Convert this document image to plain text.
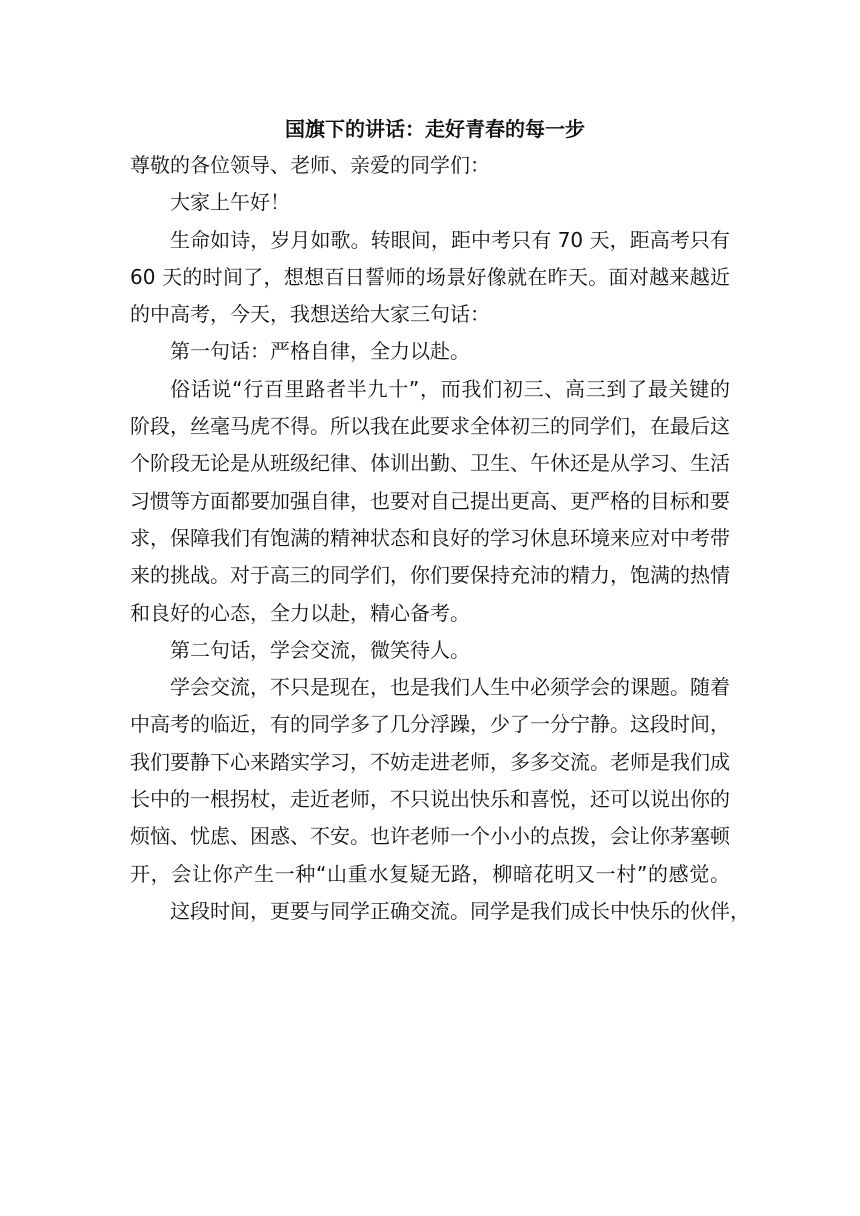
国旗下的讲话：走好青春的每一步

尊敬的各位领导、老师、亲爱的同学们：

大家上午好！

生命如诗，岁月如歌。转眼间，距中考只有 70 天，距高考只有

60 天的时间了，想想百日誓师的场景好像就在昨天。面对越来越近

的中高考，今天，我想送给大家三句话：

第一句话：严格自律，全力以赴。

俗话说“行百里路者半九十”，而我们初三、高三到了最关键的

阶段，丝毫马虎不得。所以我在此要求全体初三的同学们，在最后这

个阶段无论是从班级纪律、体训出勤、卫生、午休还是从学习、生活

习惯等方面都要加强自律，也要对自己提出更高、更严格的目标和要

求，保障我们有饱满的精神状态和良好的学习休息环境来应对中考带

来的挑战。对于高三的同学们，你们要保持充沛的精力，饱满的热情

和良好的心态，全力以赴，精心备考。

第二句话，学会交流，微笑待人。

学会交流，不只是现在，也是我们人生中必须学会的课题。随着

中高考的临近，有的同学多了几分浮躁，少了一分宁静。这段时间，

我们要静下心来踏实学习，不妨走进老师，多多交流。老师是我们成

长中的一根拐杖，走近老师，不只说出快乐和喜悦，还可以说出你的

烦恼、忧虑、困惑、不安。也许老师一个小小的点拨，会让你茅塞顿

开，会让你产生一种“山重水复疑无路，柳暗花明又一村”的感觉。

这段时间，更要与同学正确交流。同学是我们成长中快乐的伙伴，
